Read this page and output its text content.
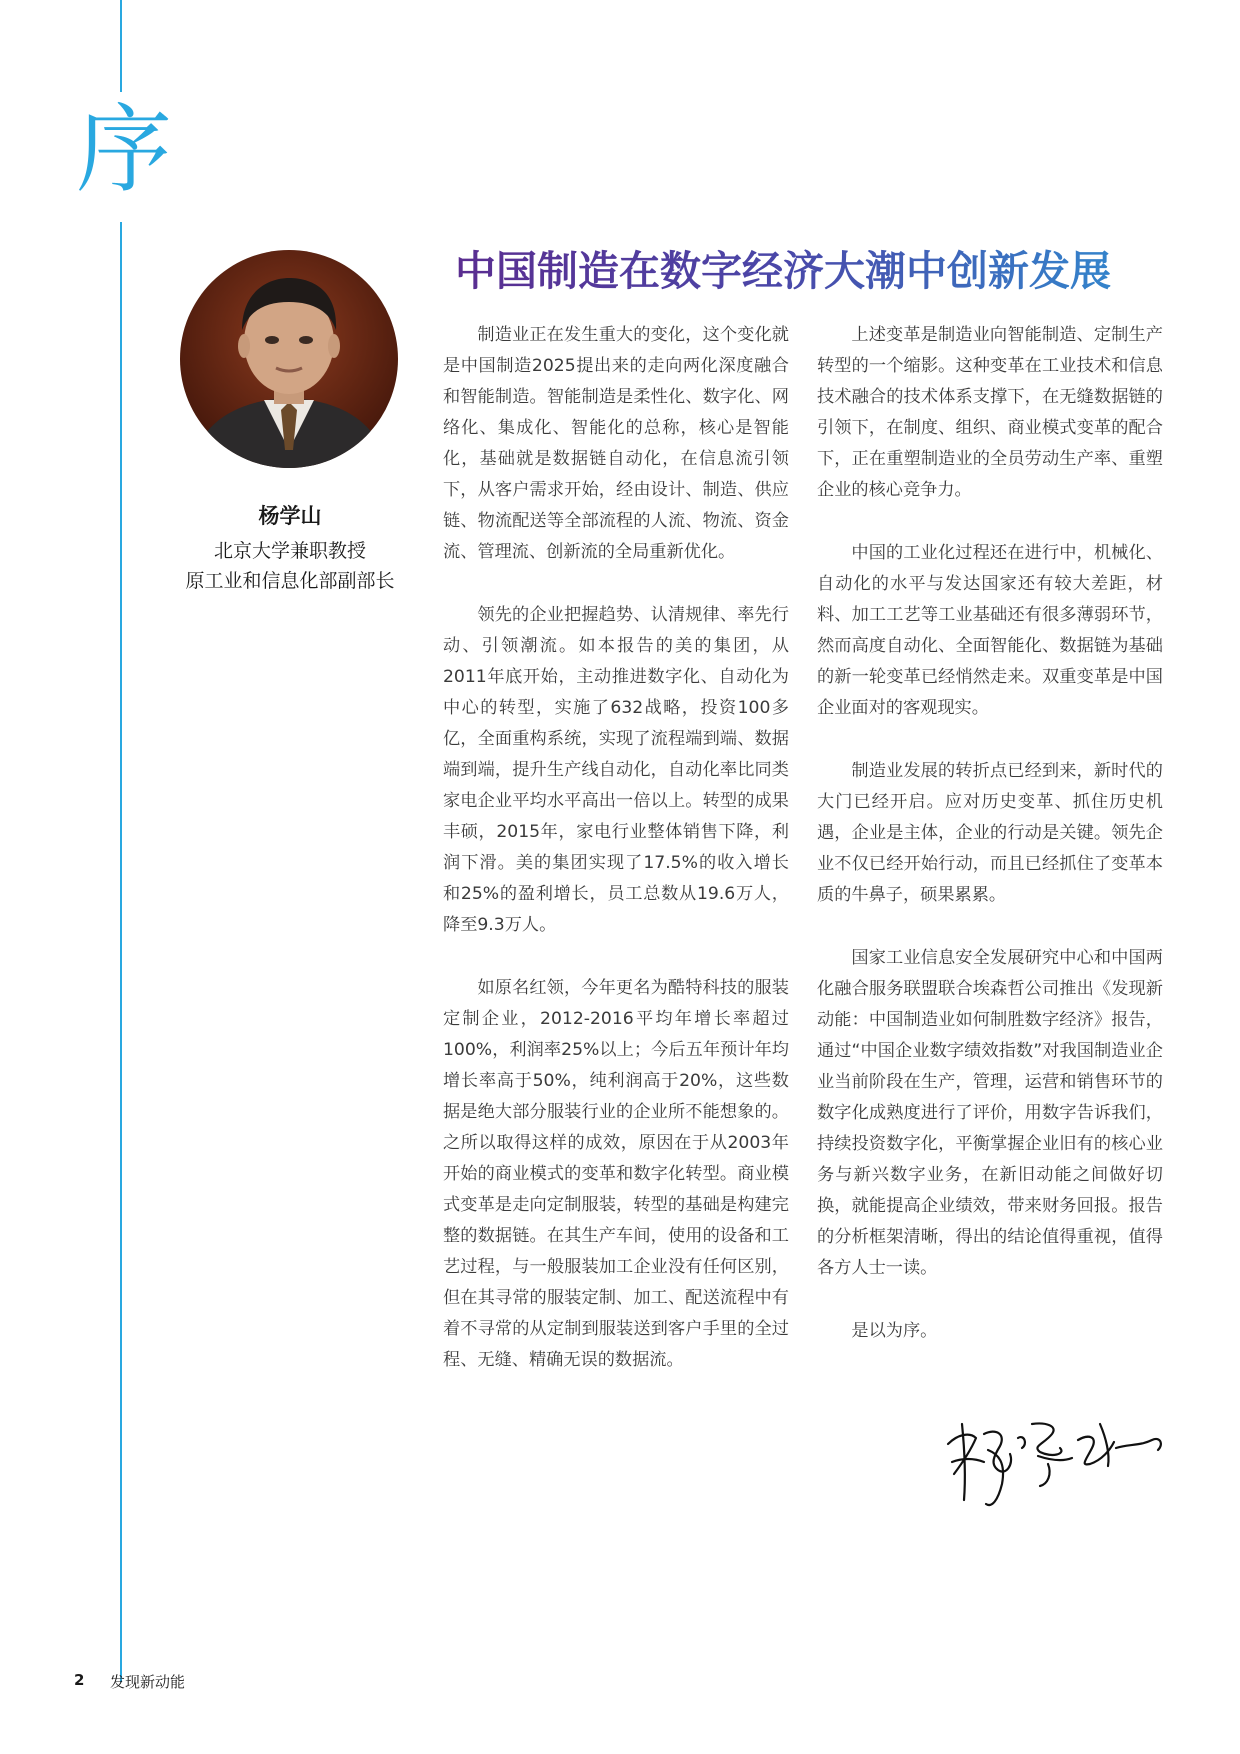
序
杨学山
北京大学兼职教授
原工业和信息化部副部长
中国制造在数字经济大潮中创新发展

制造业正在发生重大的变化，这个变化就是中国制造2025提出来的走向两化深度融合和智能制造。智能制造是柔性化、数字化、网络化、集成化、智能化的总称，核心是智能化，基础就是数据链自动化，在信息流引领下，从客户需求开始，经由设计、制造、供应链、物流配送等全部流程的人流、物流、资金流、管理流、创新流的全局重新优化。

领先的企业把握趋势、认清规律、率先行动、引领潮流。如本报告的美的集团，从2011年底开始，主动推进数字化、自动化为中心的转型，实施了632战略，投资100多亿，全面重构系统，实现了流程端到端、数据端到端，提升生产线自动化，自动化率比同类家电企业平均水平高出一倍以上。转型的成果丰硕，2015年，家电行业整体销售下降，利润下滑。美的集团实现了17.5%的收入增长和25%的盈利增长，员工总数从19.6万人，降至9.3万人。

如原名红领，今年更名为酷特科技的服装定制企业，2012-2016平均年增长率超过100%，利润率25%以上；今后五年预计年均增长率高于50%，纯利润高于20%，这些数据是绝大部分服装行业的企业所不能想象的。之所以取得这样的成效，原因在于从2003年开始的商业模式的变革和数字化转型。商业模式变革是走向定制服装，转型的基础是构建完整的数据链。在其生产车间，使用的设备和工艺过程，与一般服装加工企业没有任何区别，但在其寻常的服装定制、加工、配送流程中有着不寻常的从定制到服装送到客户手里的全过程、无缝、精确无误的数据流。

上述变革是制造业向智能制造、定制生产转型的一个缩影。这种变革在工业技术和信息技术融合的技术体系支撑下，在无缝数据链的引领下，在制度、组织、商业模式变革的配合下，正在重塑制造业的全员劳动生产率、重塑企业的核心竞争力。

中国的工业化过程还在进行中，机械化、自动化的水平与发达国家还有较大差距，材料、加工工艺等工业基础还有很多薄弱环节，然而高度自动化、全面智能化、数据链为基础的新一轮变革已经悄然走来。双重变革是中国企业面对的客观现实。

制造业发展的转折点已经到来，新时代的大门已经开启。应对历史变革、抓住历史机遇，企业是主体，企业的行动是关键。领先企业不仅已经开始行动，而且已经抓住了变革本质的牛鼻子，硕果累累。

国家工业信息安全发展研究中心和中国两化融合服务联盟联合埃森哲公司推出《发现新动能：中国制造业如何制胜数字经济》报告，通过“中国企业数字绩效指数”对我国制造业企业当前阶段在生产，管理，运营和销售环节的数字化成熟度进行了评价，用数字告诉我们，持续投资数字化，平衡掌握企业旧有的核心业务与新兴数字业务，在新旧动能之间做好切换，就能提高企业绩效，带来财务回报。报告的分析框架清晰，得出的结论值得重视，值得各方人士一读。

是以为序。

2 发现新动能
